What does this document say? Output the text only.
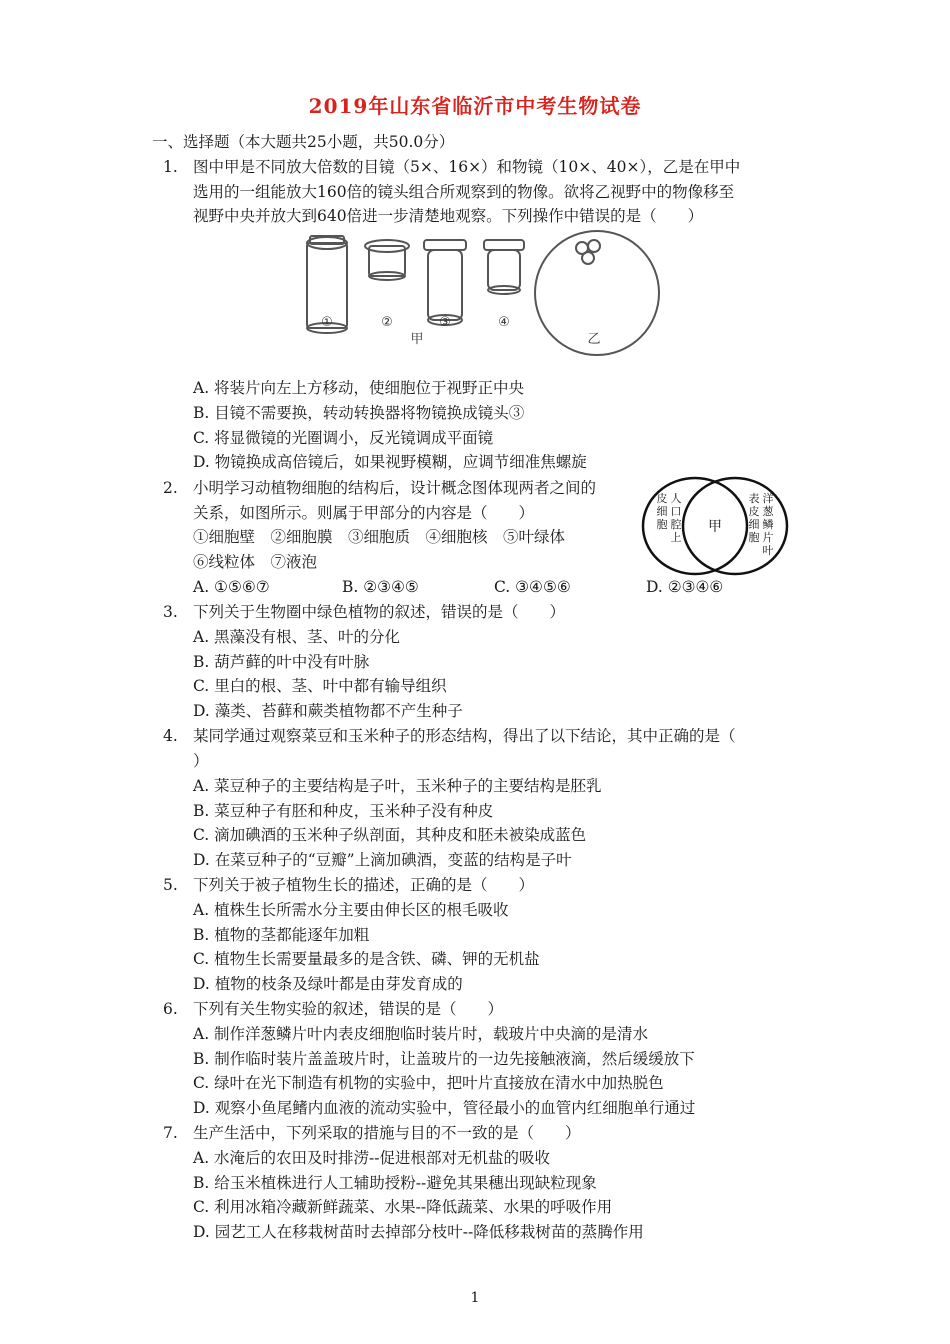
2019年山东省临沂市中考生物试卷
一、选择题（本大题共25小题，共50.0分）
1. 图中甲是不同放大倍数的目镜（5×、16×）和物镜（10×、40×），乙是在甲中
选用的一组能放大160倍的镜头组合所观察到的物像。欲将乙视野中的物像移至
视野中央并放大到640倍进一步清楚地观察。下列操作中错误的是（　　）
①	②	③	④
甲	乙
A. 将装片向左上方移动，使细胞位于视野正中央
B. 目镜不需要换，转动转换器将物镜换成镜头③
C. 将显微镜的光圈调小，反光镜调成平面镜
D. 物镜换成高倍镜后，如果视野模糊，应调节细准焦螺旋
2. 小明学习动植物细胞的结构后，设计概念图体现两者之间的
关系，如图所示。则属于甲部分的内容是（　　）
①细胞壁　②细胞膜　③细胞质　④细胞核　⑤叶绿体
⑥线粒体　⑦液泡
A. ①⑤⑥⑦	B. ②③④⑤	C. ③④⑤⑥	D. ②③④⑥
甲
人
口
腔
上
皮
细
胞
洋
葱
鳞
片
叶
表
皮
细
胞
3. 下列关于生物圈中绿色植物的叙述，错误的是（　　）
A. 黑藻没有根、茎、叶的分化
B. 葫芦藓的叶中没有叶脉
C. 里白的根、茎、叶中都有输导组织
D. 藻类、苔藓和蕨类植物都不产生种子
4. 某同学通过观察菜豆和玉米种子的形态结构，得出了以下结论，其中正确的是（
）
A. 菜豆种子的主要结构是子叶，玉米种子的主要结构是胚乳
B. 菜豆种子有胚和种皮，玉米种子没有种皮
C. 滴加碘酒的玉米种子纵剖面，其种皮和胚未被染成蓝色
D. 在菜豆种子的“豆瓣”上滴加碘酒，变蓝的结构是子叶
5. 下列关于被子植物生长的描述，正确的是（　　）
A. 植株生长所需水分主要由伸长区的根毛吸收
B. 植物的茎都能逐年加粗
C. 植物生长需要量最多的是含铁、磷、钾的无机盐
D. 植物的枝条及绿叶都是由芽发育成的
6. 下列有关生物实验的叙述，错误的是（　　）
A. 制作洋葱鳞片叶内表皮细胞临时装片时，载玻片中央滴的是清水
B. 制作临时装片盖盖玻片时，让盖玻片的一边先接触液滴，然后缓缓放下
C. 绿叶在光下制造有机物的实验中，把叶片直接放在清水中加热脱色
D. 观察小鱼尾鳍内血液的流动实验中，管径最小的血管内红细胞单行通过
7. 生产生活中，下列采取的措施与目的不一致的是（　　）
A. 水淹后的农田及时排涝--促进根部对无机盐的吸收
B. 给玉米植株进行人工辅助授粉--避免其果穗出现缺粒现象
C. 利用冰箱冷藏新鲜蔬菜、水果--降低蔬菜、水果的呼吸作用
D. 园艺工人在移栽树苗时去掉部分枝叶--降低移栽树苗的蒸腾作用
1
